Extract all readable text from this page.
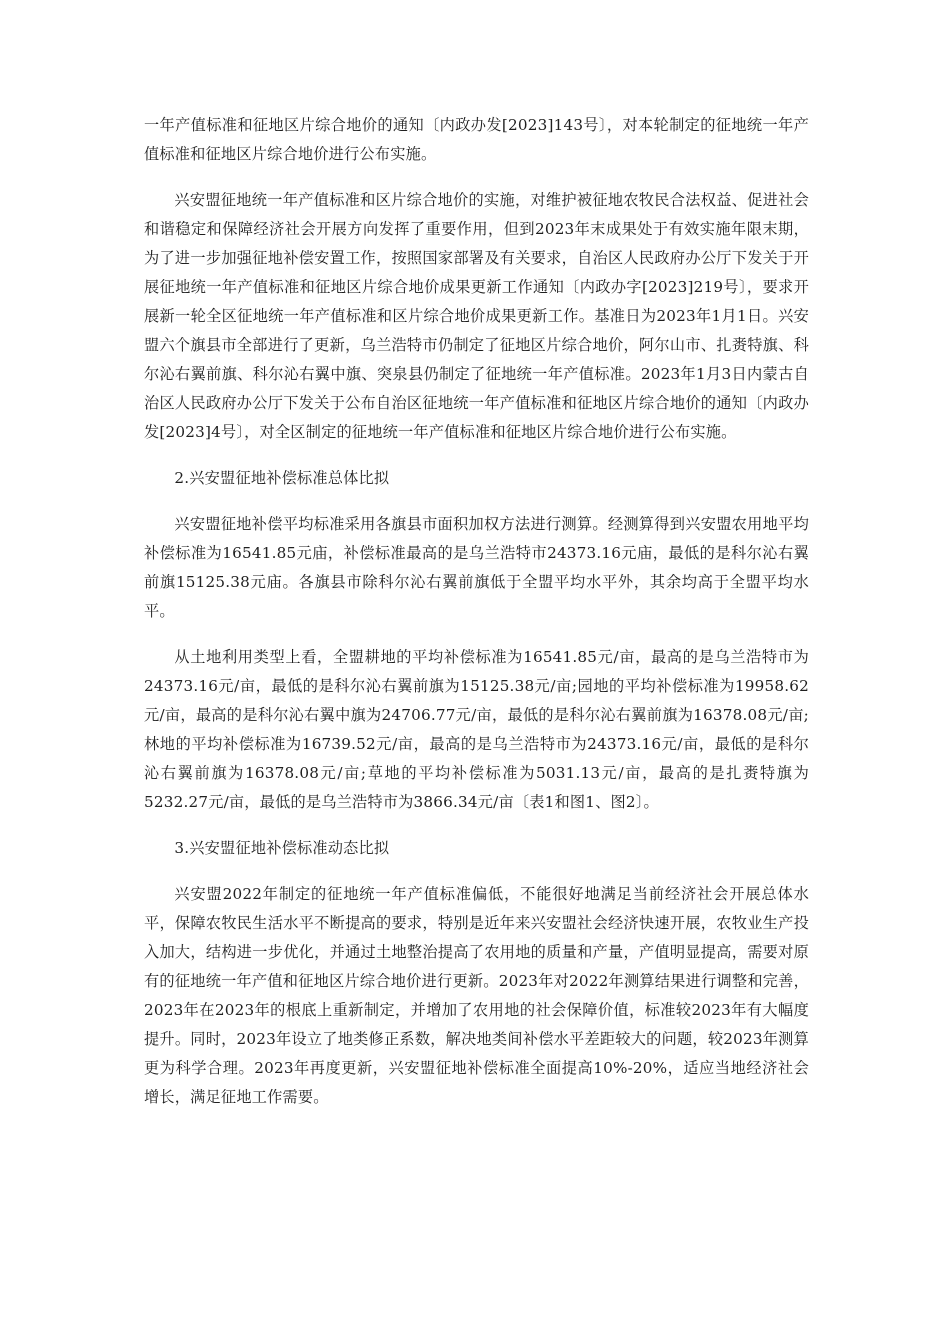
一年产值标准和征地区片综合地价的通知〔内政办发[2023]143号〕，对本轮制定的征地统一年产值标准和征地区片综合地价进行公布实施。

兴安盟征地统一年产值标准和区片综合地价的实施，对维护被征地农牧民合法权益、促进社会和谐稳定和保障经济社会开展方向发挥了重要作用，但到2023年末成果处于有效实施年限末期，为了进一步加强征地补偿安置工作，按照国家部署及有关要求，自治区人民政府办公厅下发关于开展征地统一年产值标准和征地区片综合地价成果更新工作通知〔内政办字[2023]219号〕，要求开展新一轮全区征地统一年产值标准和区片综合地价成果更新工作。基准日为2023年1月1日。兴安盟六个旗县市全部进行了更新，乌兰浩特市仍制定了征地区片综合地价，阿尔山市、扎赉特旗、科尔沁右翼前旗、科尔沁右翼中旗、突泉县仍制定了征地统一年产值标准。2023年1月3日内蒙古自治区人民政府办公厅下发关于公布自治区征地统一年产值标准和征地区片综合地价的通知〔内政办发[2023]4号〕，对全区制定的征地统一年产值标准和征地区片综合地价进行公布实施。

2.兴安盟征地补偿标准总体比拟

兴安盟征地补偿平均标准采用各旗县市面积加权方法进行测算。经测算得到兴安盟农用地平均补偿标准为16541.85元庙，补偿标准最高的是乌兰浩特市24373.16元庙，最低的是科尔沁右翼前旗15125.38元庙。各旗县市除科尔沁右翼前旗低于全盟平均水平外，其余均高于全盟平均水平。

从土地利用类型上看，全盟耕地的平均补偿标准为16541.85元/亩，最高的是乌兰浩特市为24373.16元/亩，最低的是科尔沁右翼前旗为15125.38元/亩;园地的平均补偿标准为19958.62元/亩，最高的是科尔沁右翼中旗为24706.77元/亩，最低的是科尔沁右翼前旗为16378.08元/亩;林地的平均补偿标准为16739.52元/亩，最高的是乌兰浩特市为24373.16元/亩，最低的是科尔沁右翼前旗为16378.08元/亩;草地的平均补偿标准为5031.13元/亩，最高的是扎赉特旗为5232.27元/亩，最低的是乌兰浩特市为3866.34元/亩〔表1和图1、图2〕。

3.兴安盟征地补偿标准动态比拟

兴安盟2022年制定的征地统一年产值标准偏低，不能很好地满足当前经济社会开展总体水平，保障农牧民生活水平不断提高的要求，特别是近年来兴安盟社会经济快速开展，农牧业生产投入加大，结构进一步优化，并通过土地整治提高了农用地的质量和产量，产值明显提高，需要对原有的征地统一年产值和征地区片综合地价进行更新。2023年对2022年测算结果进行调整和完善，2023年在2023年的根底上重新制定，并增加了农用地的社会保障价值，标准较2023年有大幅度提升。同时，2023年设立了地类修正系数，解决地类间补偿水平差距较大的问题，较2023年测算更为科学合理。2023年再度更新，兴安盟征地补偿标准全面提高10%-20%，适应当地经济社会增长，满足征地工作需要。
